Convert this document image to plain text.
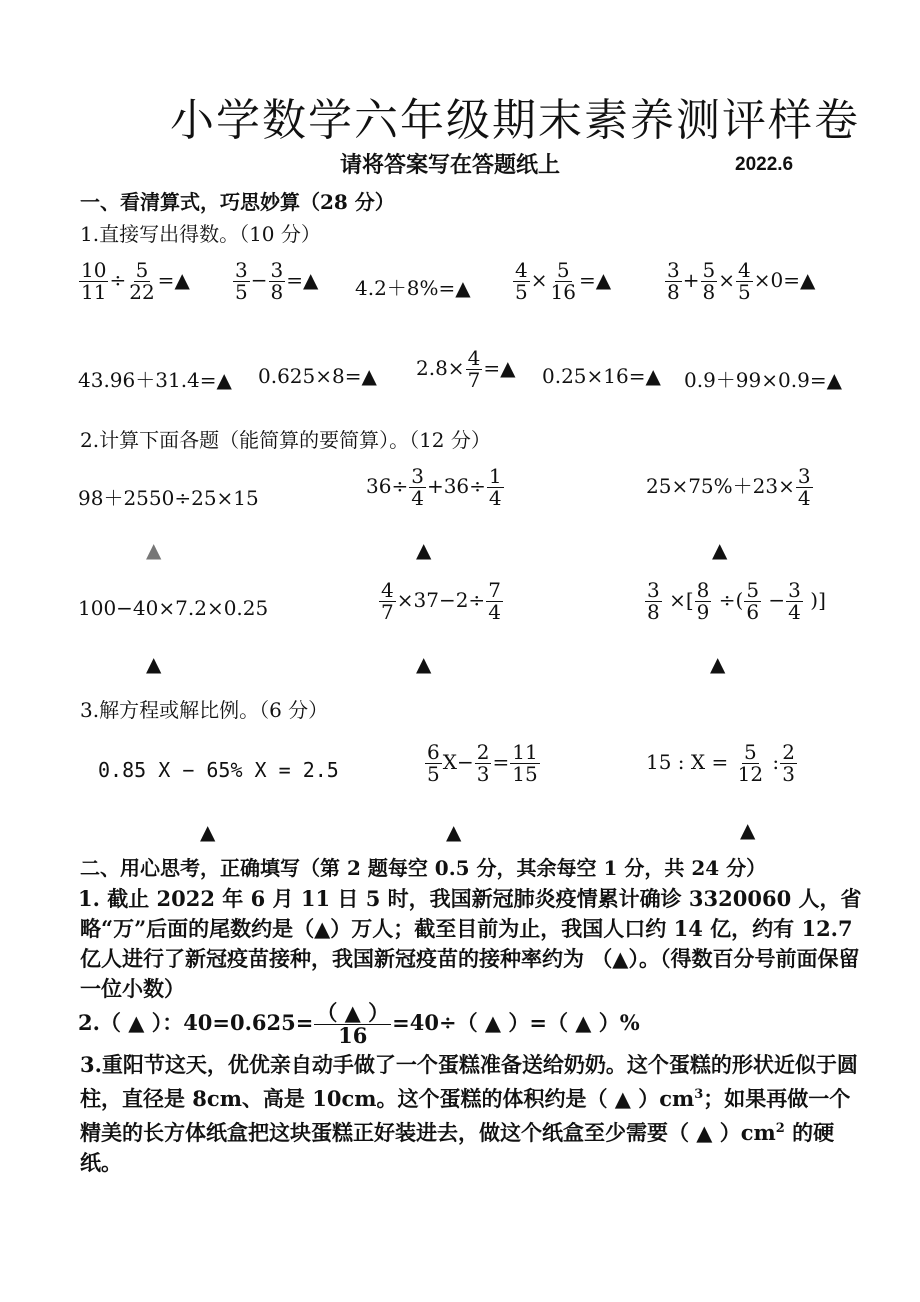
小学数学六年级期末素养测评样卷
请将答案写在答题纸上	2022.6
一、看清算式，巧思妙算（28 分）
1.直接写出得数。（10 分）
$\frac{10}{11} \div \frac{5}{22}$ =▲ $\frac{3}{5} - \frac{3}{8}$ =▲ 4.2＋8%=▲ $\frac{4}{5} \times \frac{5}{16}$ =▲	$\frac{3}{8} + \frac{5}{8} \times \frac{4}{5}$ ×0=▲
43.96＋31.4=▲ 0.625×8=▲ $2.8\times \frac{4}{7}$ =▲ 0.25×16=▲ 0.9＋99×0.9=▲
2.计算下面各题（能简算的要简算）。（12 分）
98＋2550÷25×15	$36\div \frac{3}{4} +36\div \frac{1}{4}$	$25\times 75\%+23\times \frac{3}{4}$
▲	▲	▲
100−40×7.2×0.25	$\frac{4}{7} \times 37-2\div \frac{7}{4}$	$\frac{3}{8}$ ×[ $\frac{8}{9}$ ÷( $\frac{5}{6} - \frac{3}{4}$ )]
▲	▲	▲
3.解方程或解比例。（6 分）
0.85 X − 65% X = 2.5	$\frac{6}{5} X- \frac{2}{3} = \frac{11}{15}$	15 : $X = \frac{5}{12}$ : $\frac{2}{3}$
▲	▲	▲
二、用心思考，正确填写（第 2 题每空 0.5 分，其余每空 1 分，共 24 分）
1. 截止 2022 年 6 月 11 日 5 时，我国新冠肺炎疫情累计确诊 3320060 人，省略“万”后面的尾数约是（▲）万人；截至目前为止，我国人口约 14 亿，约有 12.7 亿人进行了新冠疫苗接种，我国新冠疫苗的接种率约为 （▲）。（得数百分号前面保留一位小数）
2.（ ▲ ）：$40=0.625= \frac{( ▲ )}{16} =40\div$（ ▲ ）=（ ▲ ）%
3.重阳节这天，优优亲自动手做了一个蛋糕准备送给奶奶。这个蛋糕的形状近似于圆柱，直径是 8cm、高是 10cm。这个蛋糕的体积约是（ ▲ ）$cm^3$；如果再做一个精美的长方体纸盒把这块蛋糕正好装进去，做这个纸盒至少需要（ ▲ ）$cm^2$ 的硬纸。
